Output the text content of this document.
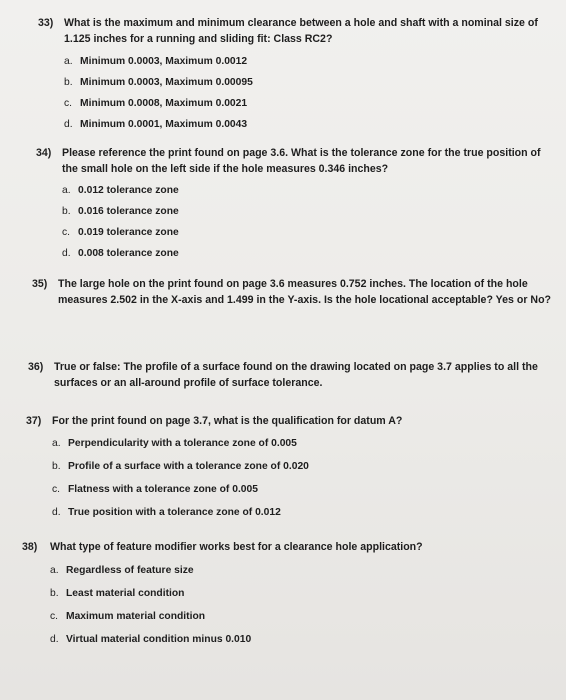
33) What is the maximum and minimum clearance between a hole and shaft with a nominal size of
1.125 inches for a running and sliding fit: Class RC2?
a. Minimum 0.0003, Maximum 0.0012
b. Minimum 0.0003, Maximum 0.00095
c. Minimum 0.0008, Maximum 0.0021
d. Minimum 0.0001, Maximum 0.0043
34) Please reference the print found on page 3.6. What is the tolerance zone for the true position of
the small hole on the left side if the hole measures 0.346 inches?
a. 0.012 tolerance zone
b. 0.016 tolerance zone
c. 0.019 tolerance zone
d. 0.008 tolerance zone
35) The large hole on the print found on page 3.6 measures 0.752 inches. The location of the hole
measures 2.502 in the X-axis and 1.499 in the Y-axis. Is the hole locational acceptable? Yes or No?
36) True or false: The profile of a surface found on the drawing located on page 3.7 applies to all the
surfaces or an all-around profile of surface tolerance.
37) For the print found on page 3.7, what is the qualification for datum A?
a. Perpendicularity with a tolerance zone of 0.005
b. Profile of a surface with a tolerance zone of 0.020
c. Flatness with a tolerance zone of 0.005
d. True position with a tolerance zone of 0.012
38) What type of feature modifier works best for a clearance hole application?
a. Regardless of feature size
b. Least material condition
c. Maximum material condition
d. Virtual material condition minus 0.010
